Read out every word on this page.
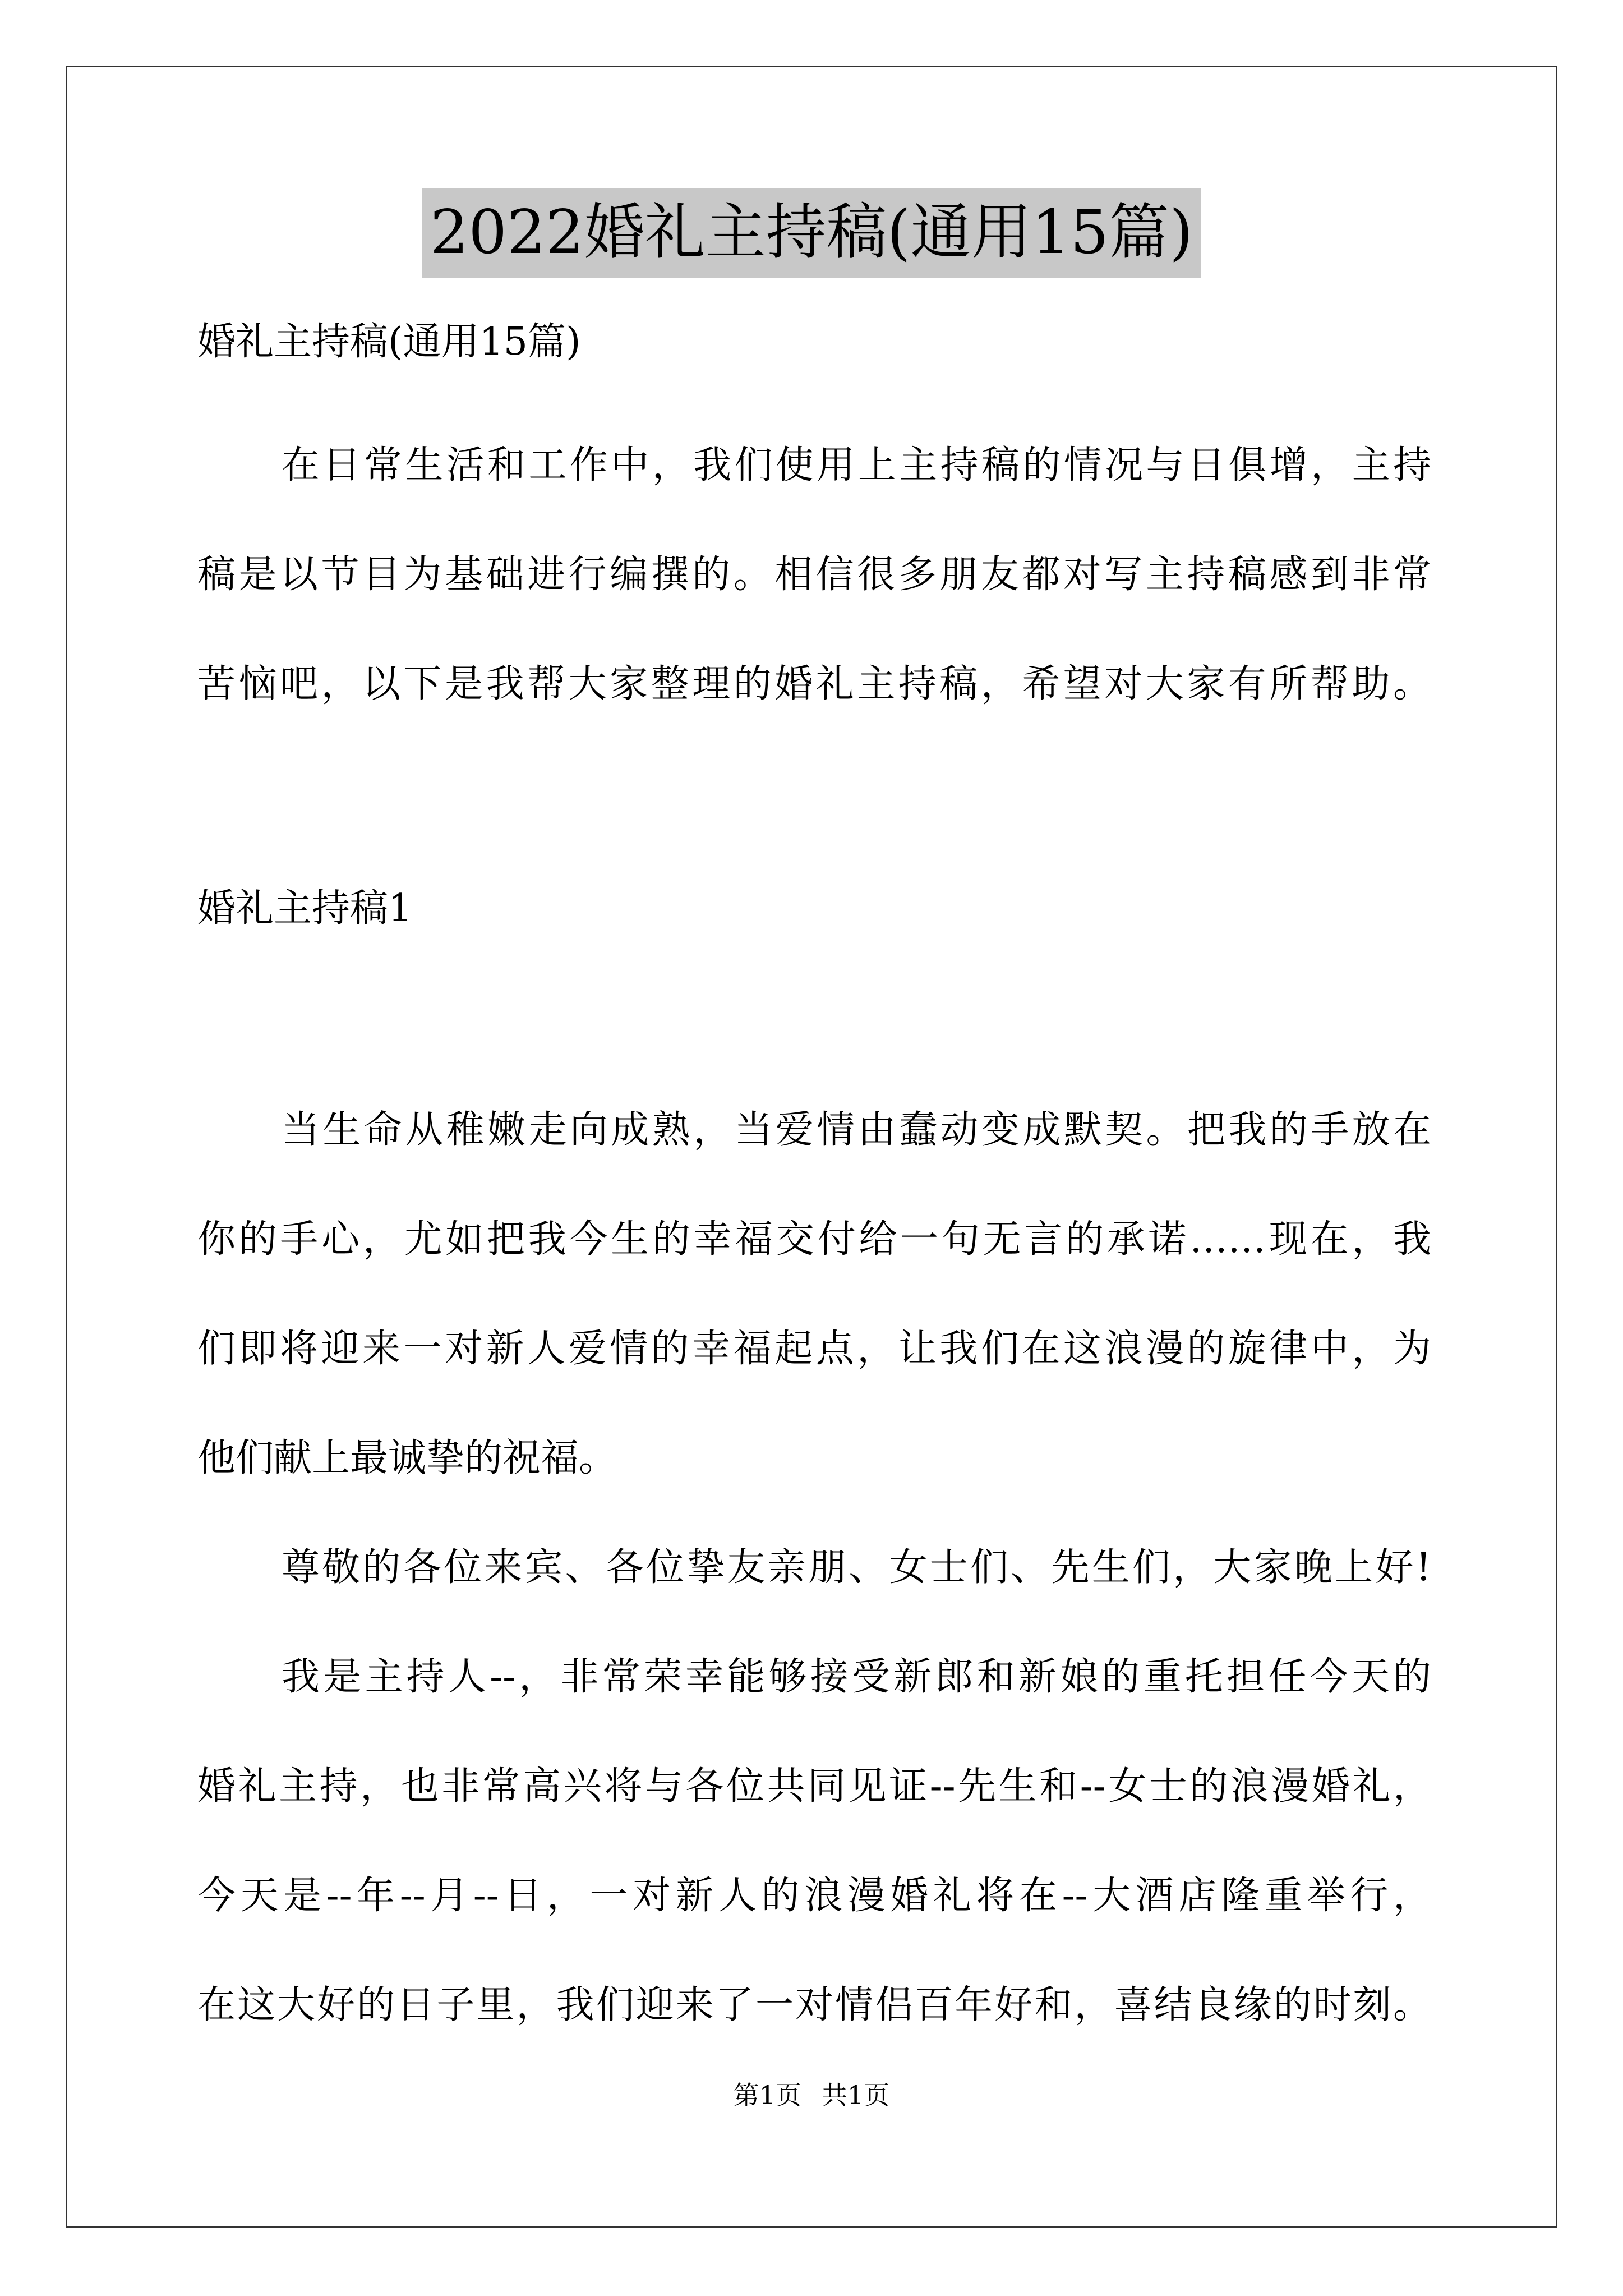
2022婚礼主持稿(通用15篇)
婚礼主持稿(通用15篇)
在日常生活和工作中，我们使用上主持稿的情况与日俱增，主持
稿是以节目为基础进行编撰的。相信很多朋友都对写主持稿感到非常
苦恼吧，以下是我帮大家整理的婚礼主持稿，希望对大家有所帮助。
婚礼主持稿1
当生命从稚嫩走向成熟，当爱情由蠢动变成默契。把我的手放在
你的手心，尤如把我今生的幸福交付给一句无言的承诺……现在，我
们即将迎来一对新人爱情的幸福起点，让我们在这浪漫的旋律中，为
他们献上最诚挚的祝福。
尊敬的各位来宾、各位挚友亲朋、女士们、先生们，大家晚上好!
我是主持人--，非常荣幸能够接受新郎和新娘的重托担任今天的
婚礼主持，也非常高兴将与各位共同见证--先生和--女士的浪漫婚礼，
今天是--年--月--日，一对新人的浪漫婚礼将在--大酒店隆重举行，
在这大好的日子里，我们迎来了一对情侣百年好和，喜结良缘的时刻。
第1页 共1页
